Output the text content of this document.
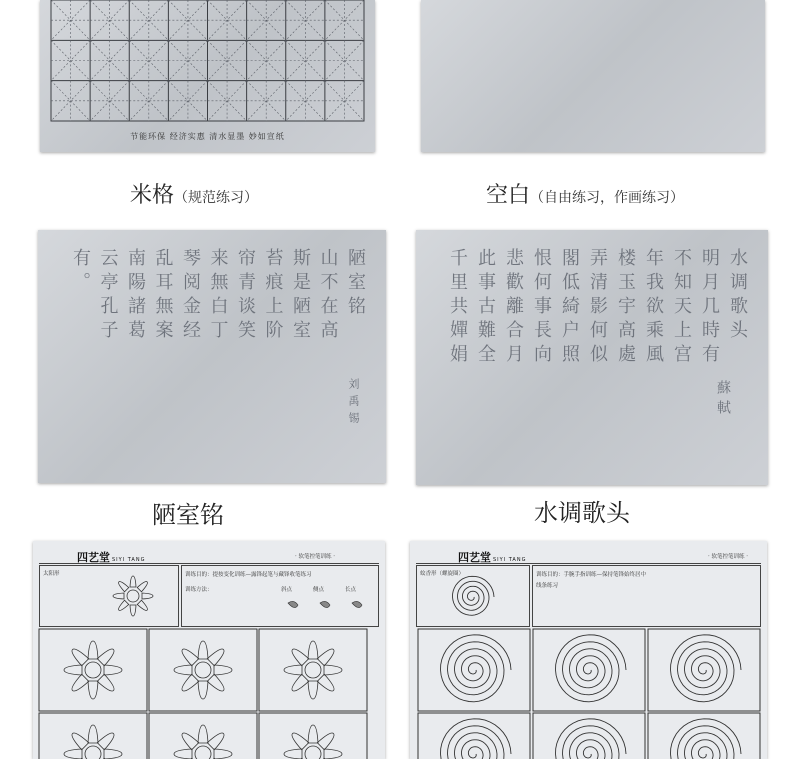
节能环保 经济实惠 清水显墨 妙如宣纸
米格（规范练习）	空白（自由练习，作画练习）
陋室铭
山不在高
斯是陋室
苔痕上阶
帘青谈笑
来無白丁
琴阅金经
乱耳無案
南陽諸葛
云亭孔子
有。
刘禹锡
水调歌头
明月几時有
不知天上宫
年我欲乘風
楼玉宇高處
弄清影何似
閣低綺户照
恨何事長向
悲歡離合月
此事古難全
千里共嬋娟
蘇軾
陋室铭	水调歌头
四艺堂 SIYI TANG	· 软笔控笔训练 ·
太阳形	训练目的：提按变化训练—露锋起笔与藏锋收笔练习
训练方法：	斜点	侧点	长点
四艺堂 SIYI TANG	· 软笔控笔训练 ·
蚊香形（螺旋圈）	训练目的：手腕手指训练—保持笔锋始终居中
线条练习
